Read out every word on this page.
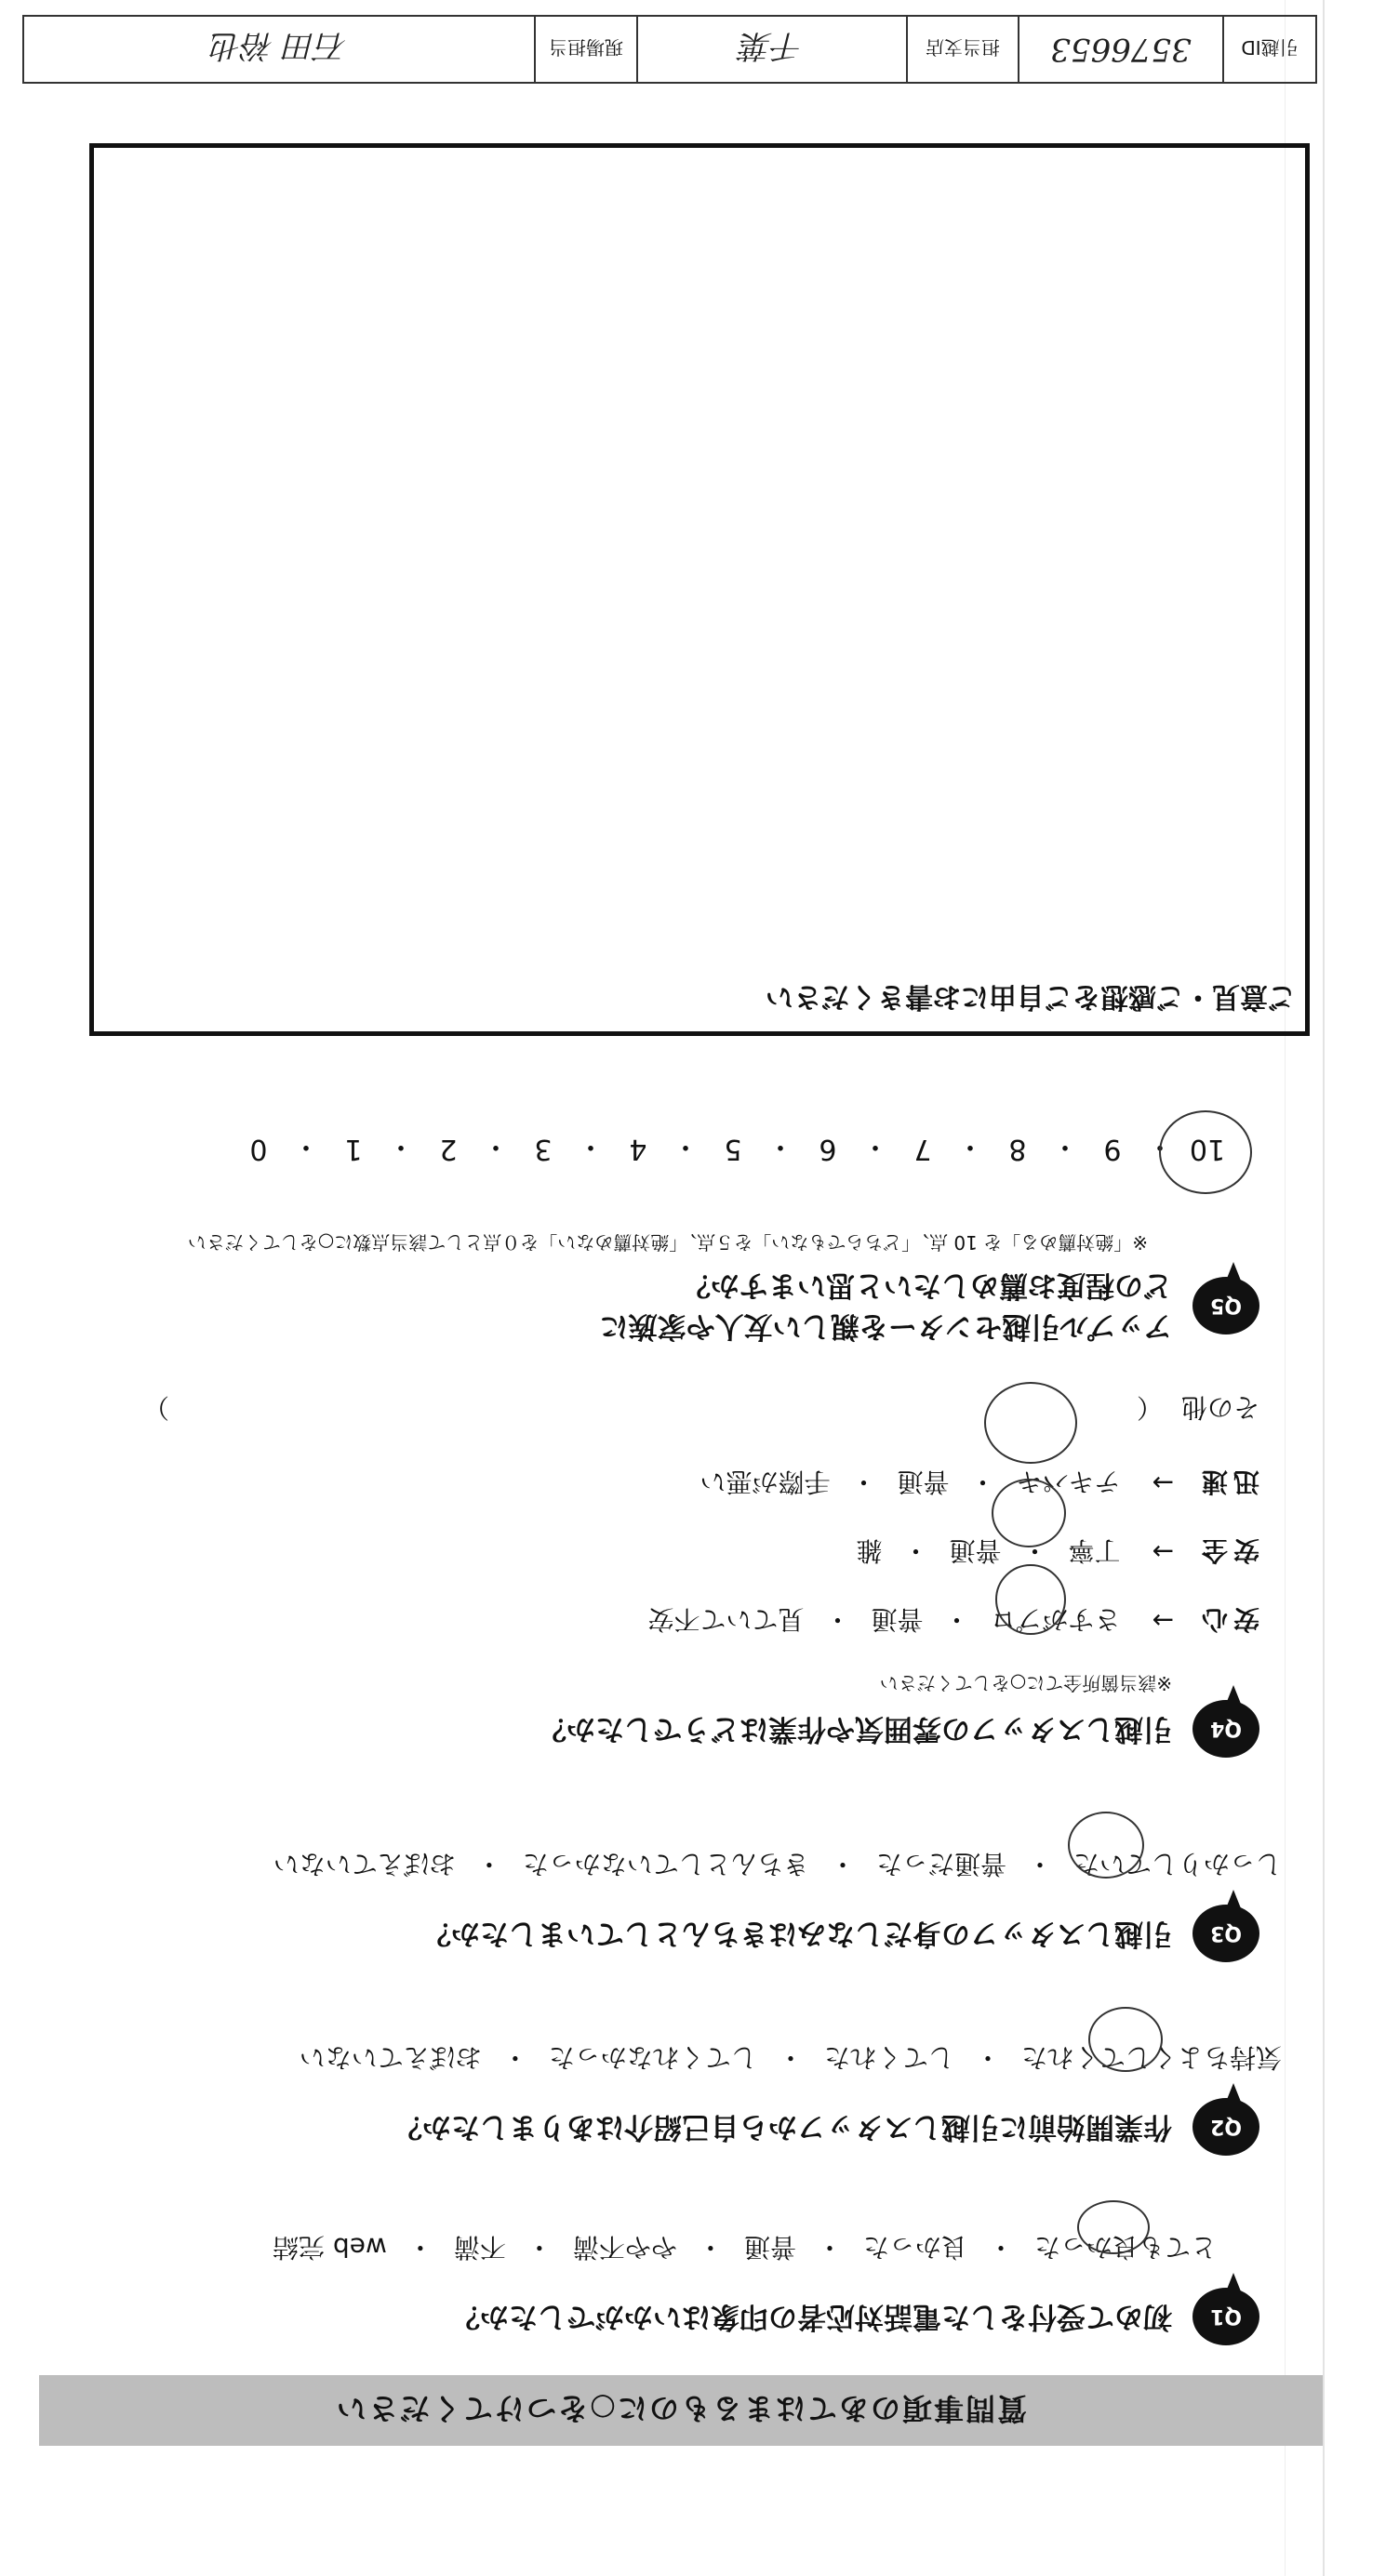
質問事項のあてはまるものに○をつけてください
Q1
初めて受付をした電話対応者の印象はいかがでしたか？
とても良かった
・
良かった
・
普通
・
やや不満
・
不満
・
web 完結
Q2
作業開始前に引越しスタッフから自己紹介はありましたか？
気持ちよくしてくれた
・
してくれた
・
してくれなかった
・
おぼえていない
Q3
引越しスタッフの身だしなみはきちんとしていましたか？
しっかりしていた
・
普通だった
・
きちんとしていなかった
・
おぼえていない
Q4
引越しスタッフの雰囲気や作業はどうでしたか？
※該当箇所全てに○をしてください
安心
→
さすがプロ
・
普通
・
見ていて不安
安全
→
丁寧
・
普通
・
雑
迅速
→
テキパキ
・
普通
・
手際が悪い
その他
（
）
Q5
アップル引越センターを親しい友人や家族に
どの程度お薦めしたいと思いますか？
※「絶対薦める」を 10 点、「どちらでもない」を５点、「絶対薦めない」を０点として該当点数に○をしてください
10
・
9
・
8
・
7
・
6
・
5
・
4
・
3
・
2
・
1
・
0
ご意見・ご感想をご自由にお書きください
引越ID
3576653
担当支店
千葉
現場担当
石田 裕也
